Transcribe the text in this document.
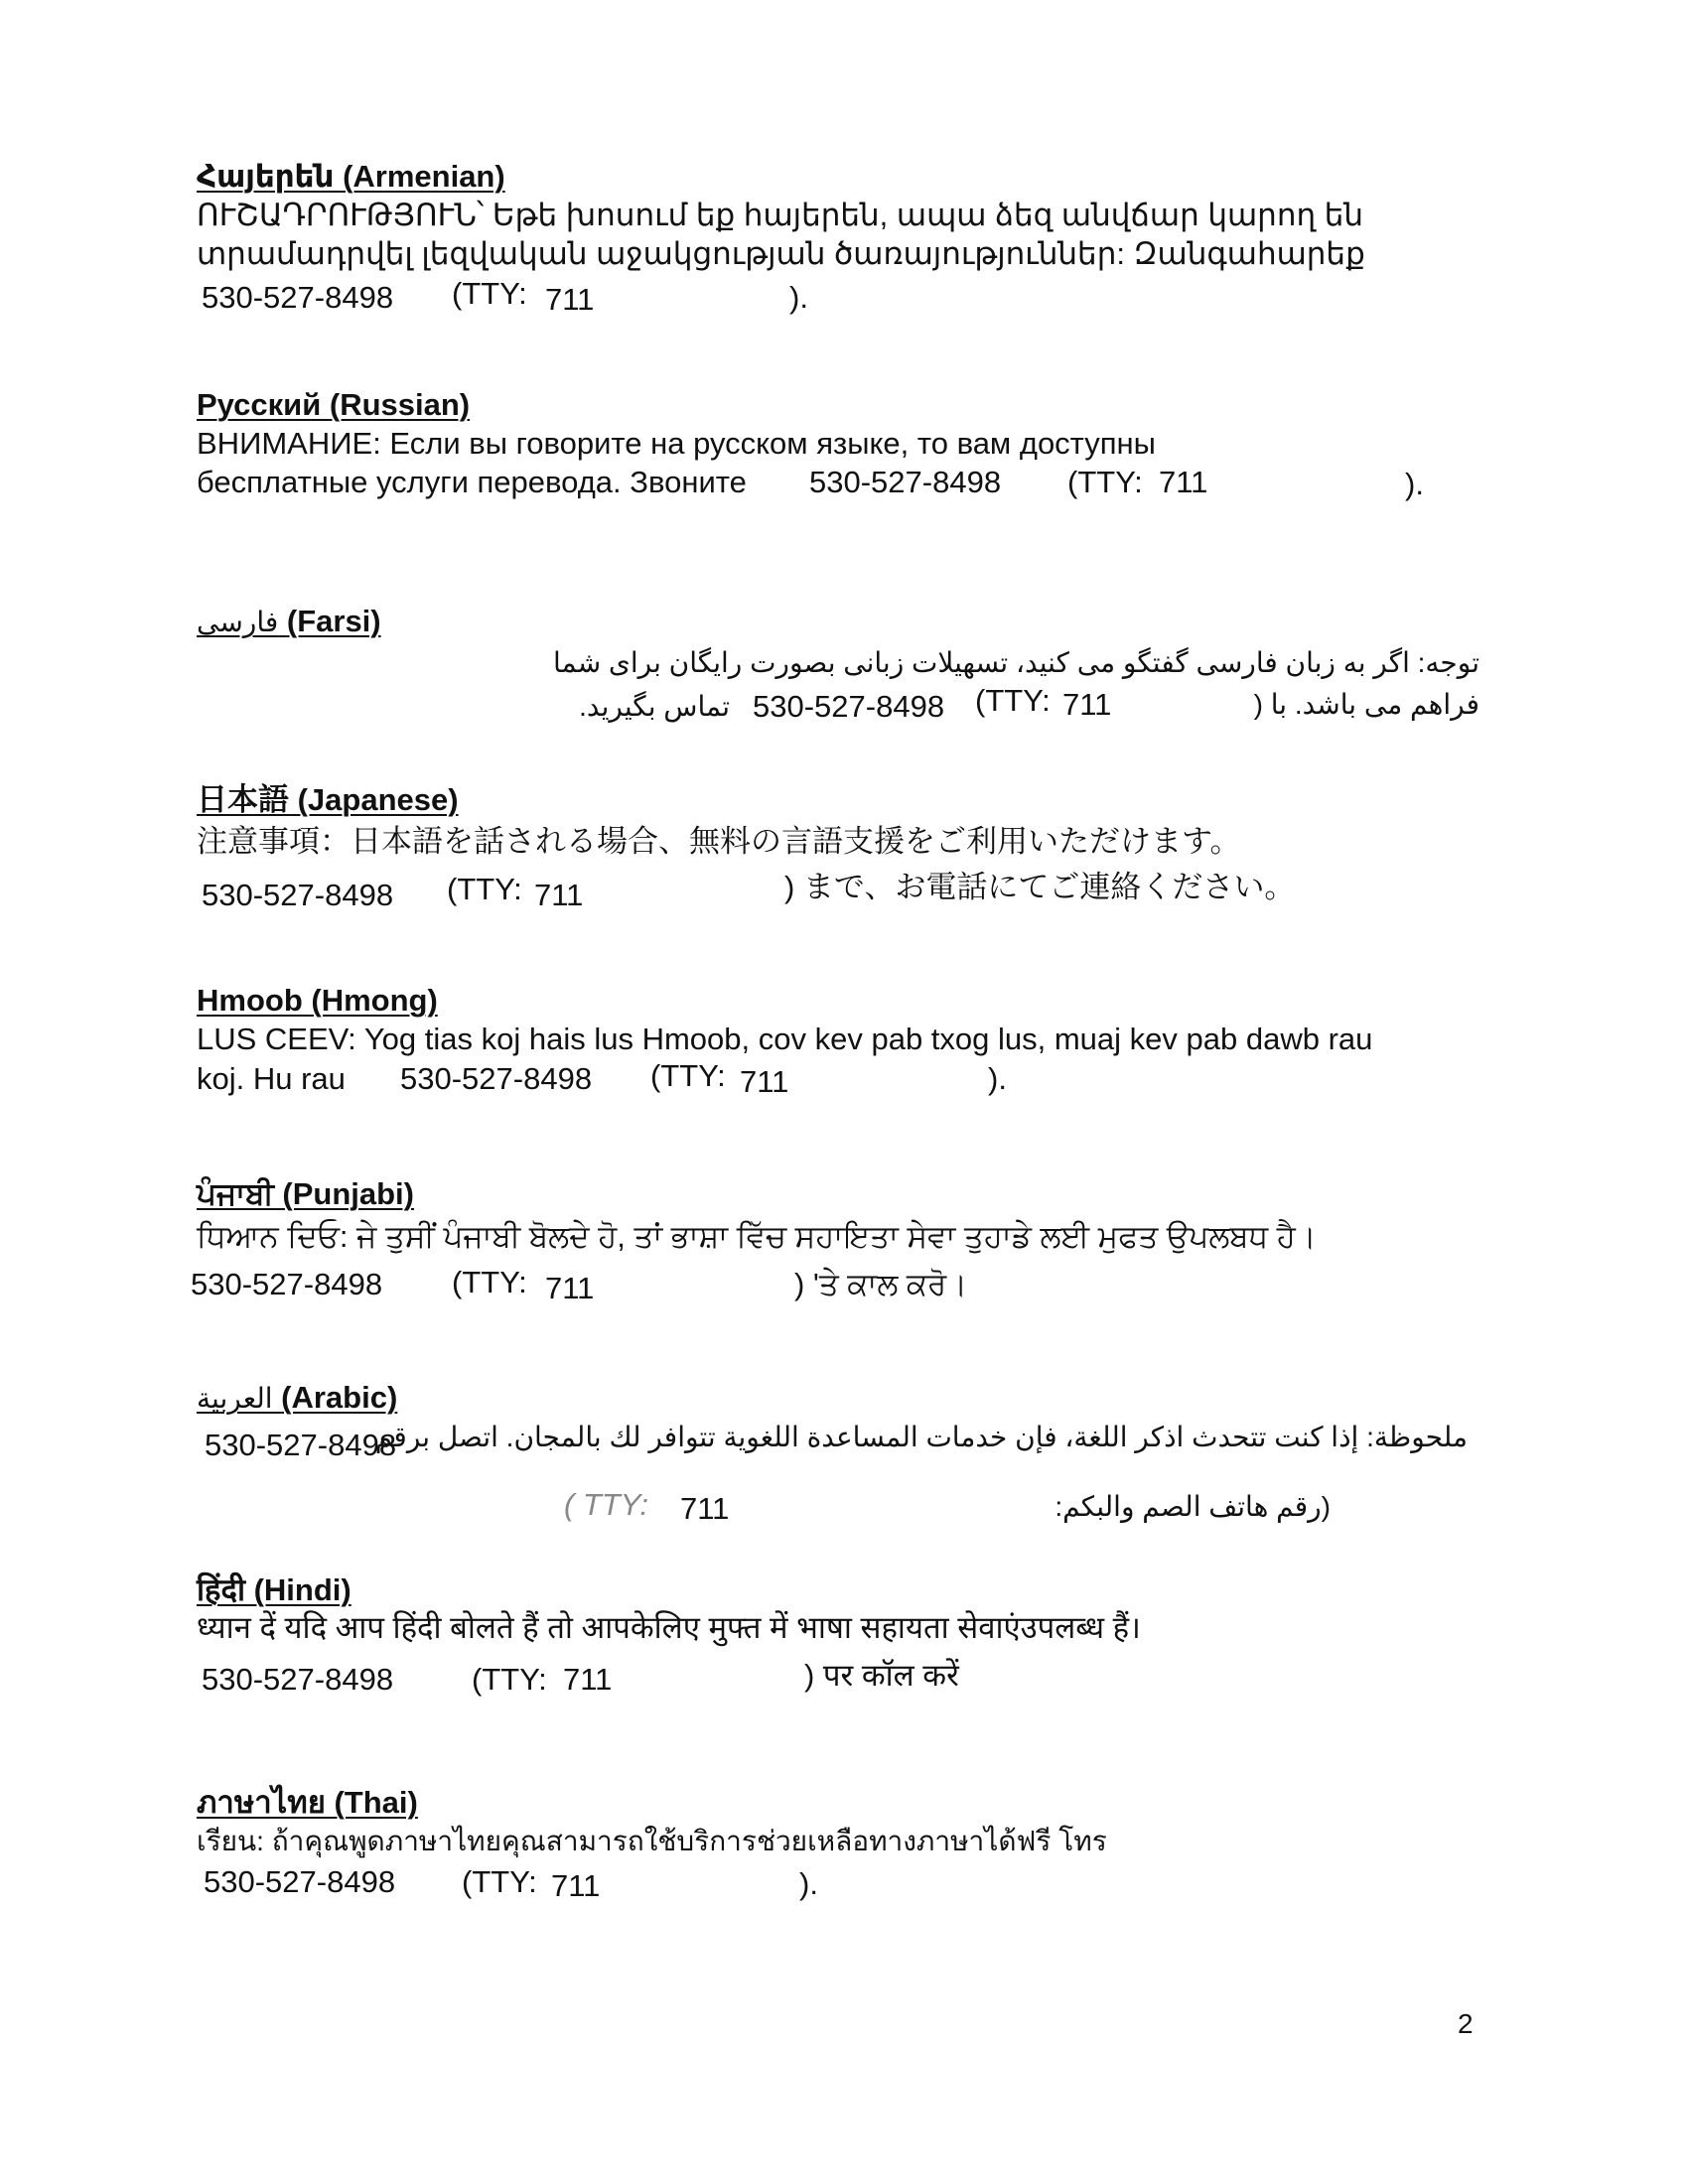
Հայերեն (Armenian)
ՈՒՇԱԴՐՈՒԹՅՈՒՆ՝ Եթե խոսում եք հայերեն, ապա ձեզ անվճար կարող են
տրամադրվել լեզվական աջակցության ծառայություններ: Զանգահարեք
530-527-8498 (TTY: 711	).
Русский (Russian)
ВНИМАНИЕ: Если вы говорите на русском языке, то вам доступны
бесплатные услуги перевода. Звоните 530-527-8498 (TTY: 711	).
فارسی (Farsi)
توجه: اگر به زبان فارسی گفتگو می کنید، تسهیلات زبانی بصورت رایگان برای شما
فراهم می باشد. با (
711
(TTY:
530-527-8498
تماس بگیرید.
日本語 (Japanese)
注意事項：日本語を話される場合、無料の言語支援をご利用いただけます。
530-527-8498 (TTY: 711	) まで、お電話にてご連絡ください。
Hmoob (Hmong)
LUS CEEV: Yog tias koj hais lus Hmoob, cov kev pab txog lus, muaj kev pab dawb rau
koj. Hu rau 530-527-8498 (TTY: 711	).
ਪੰਜਾਬੀ (Punjabi)
ਧਿਆਨ ਦਿਓ: ਜੇ ਤੁਸੀਂ ਪੰਜਾਬੀ ਬੋਲਦੇ ਹੋ, ਤਾਂ ਭਾਸ਼ਾ ਵਿੱਚ ਸਹਾਇਤਾ ਸੇਵਾ ਤੁਹਾਡੇ ਲਈ ਮੁਫਤ ਉਪਲਬਧ ਹੈ।
530-527-8498 (TTY: 711	) 'ਤੇ ਕਾਲ ਕਰੋ।
العربية (Arabic)
530-527-8498
ملحوظة: إذا كنت تتحدث اذكر اللغة، فإن خدمات المساعدة اللغوية تتوافر لك بالمجان. اتصل برقم
( TTY: 711	(رقم هاتف الصم والبكم:
हिंदी (Hindi)
ध्यान दें यदि आप हिंदी बोलते हैं तो आपकेलिए मुफ्त में भाषा सहायता सेवाएंउपलब्ध हैं।
530-527-8498	(TTY: 711	) पर कॉल करें
ภาษาไทย (Thai)
เรียน: ถ้าคุณพูดภาษาไทยคุณสามารถใช้บริการช่วยเหลือทางภาษาได้ฟรี โทร
530-527-8498 (TTY: 711	).
2
